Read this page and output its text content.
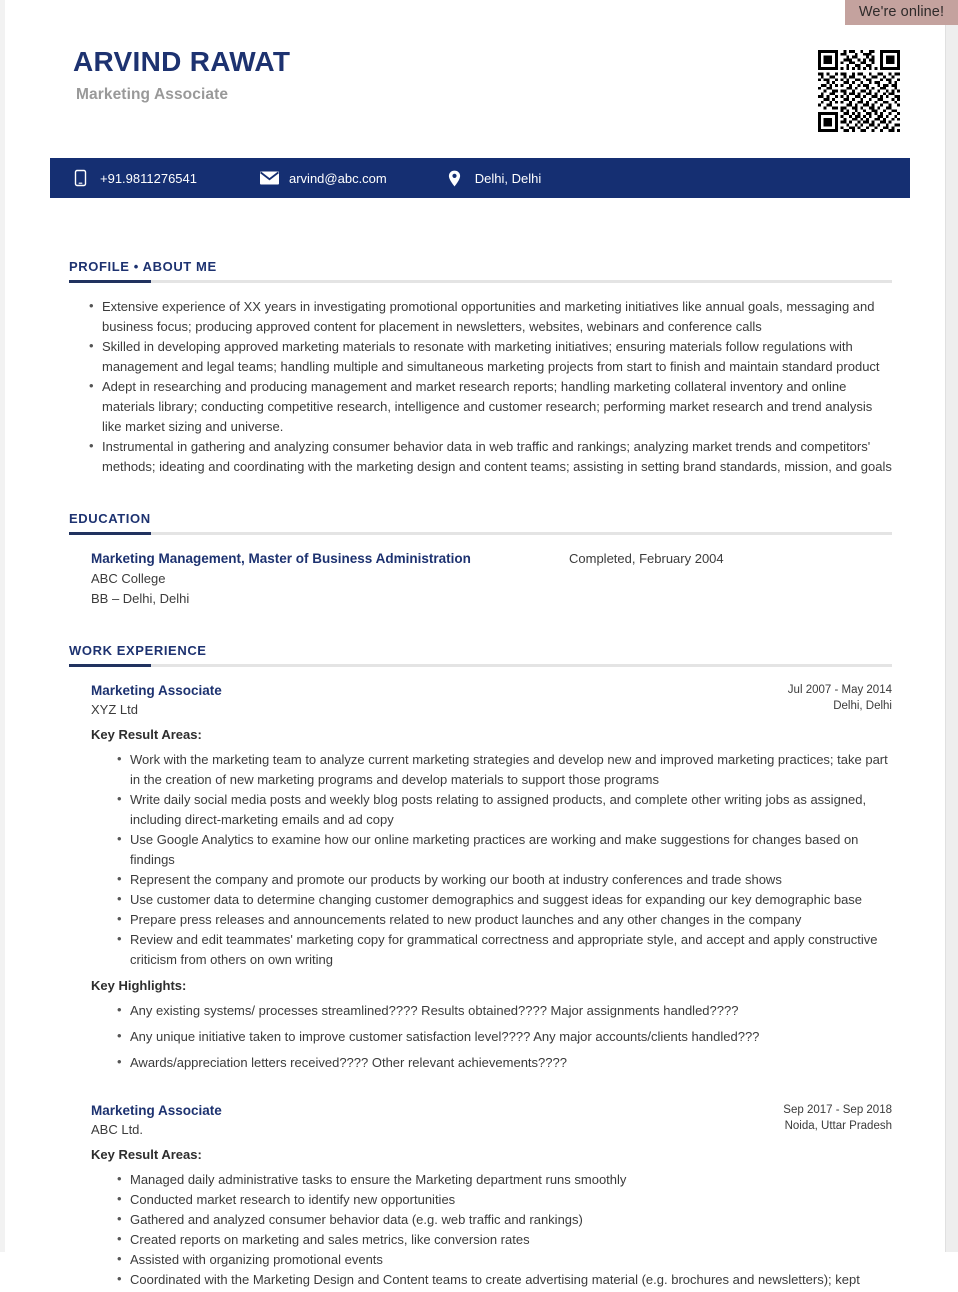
ARVIND RAWAT
Marketing Associate
+91.9811276541	arvind@abc.com	Delhi, Delhi
PROFILE • ABOUT ME
• Extensive experience of XX years in investigating promotional opportunities and marketing initiatives like annual goals, messaging and business focus; producing approved content for placement in newsletters, websites, webinars and conference calls
• Skilled in developing approved marketing materials to resonate with marketing initiatives; ensuring materials follow regulations with management and legal teams; handling multiple and simultaneous marketing projects from start to finish and maintain standard product
• Adept in researching and producing management and market research reports; handling marketing collateral inventory and online materials library; conducting competitive research, intelligence and customer research; performing market research and trend analysis like market sizing and universe.
• Instrumental in gathering and analyzing consumer behavior data in web traffic and rankings; analyzing market trends and competitors' methods; ideating and coordinating with the marketing design and content teams; assisting in setting brand standards, mission, and goals
EDUCATION
Marketing Management, Master of Business Administration
ABC College
BB – Delhi, Delhi
Completed, February 2004
WORK EXPERIENCE
Marketing Associate
XYZ Ltd
Jul 2007 - May 2014
Delhi, Delhi
Key Result Areas:
• Work with the marketing team to analyze current marketing strategies and develop new and improved marketing practices; take part in the creation of new marketing programs and develop materials to support those programs
• Write daily social media posts and weekly blog posts relating to assigned products, and complete other writing jobs as assigned, including direct-marketing emails and ad copy
• Use Google Analytics to examine how our online marketing practices are working and make suggestions for changes based on findings
• Represent the company and promote our products by working our booth at industry conferences and trade shows
• Use customer data to determine changing customer demographics and suggest ideas for expanding our key demographic base
• Prepare press releases and announcements related to new product launches and any other changes in the company
• Review and edit teammates' marketing copy for grammatical correctness and appropriate style, and accept and apply constructive criticism from others on own writing
Key Highlights:
• Any existing systems/ processes streamlined???? Results obtained???? Major assignments handled????
• Any unique initiative taken to improve customer satisfaction level???? Any major accounts/clients handled???
• Awards/appreciation letters received???? Other relevant achievements????
Marketing Associate
ABC Ltd.
Sep 2017 - Sep 2018
Noida, Uttar Pradesh
Key Result Areas:
• Managed daily administrative tasks to ensure the Marketing department runs smoothly
• Conducted market research to identify new opportunities
• Gathered and analyzed consumer behavior data (e.g. web traffic and rankings)
• Created reports on marketing and sales metrics, like conversion rates
• Assisted with organizing promotional events
• Coordinated with the Marketing Design and Content teams to create advertising material (e.g. brochures and newsletters); kept
We're online!
